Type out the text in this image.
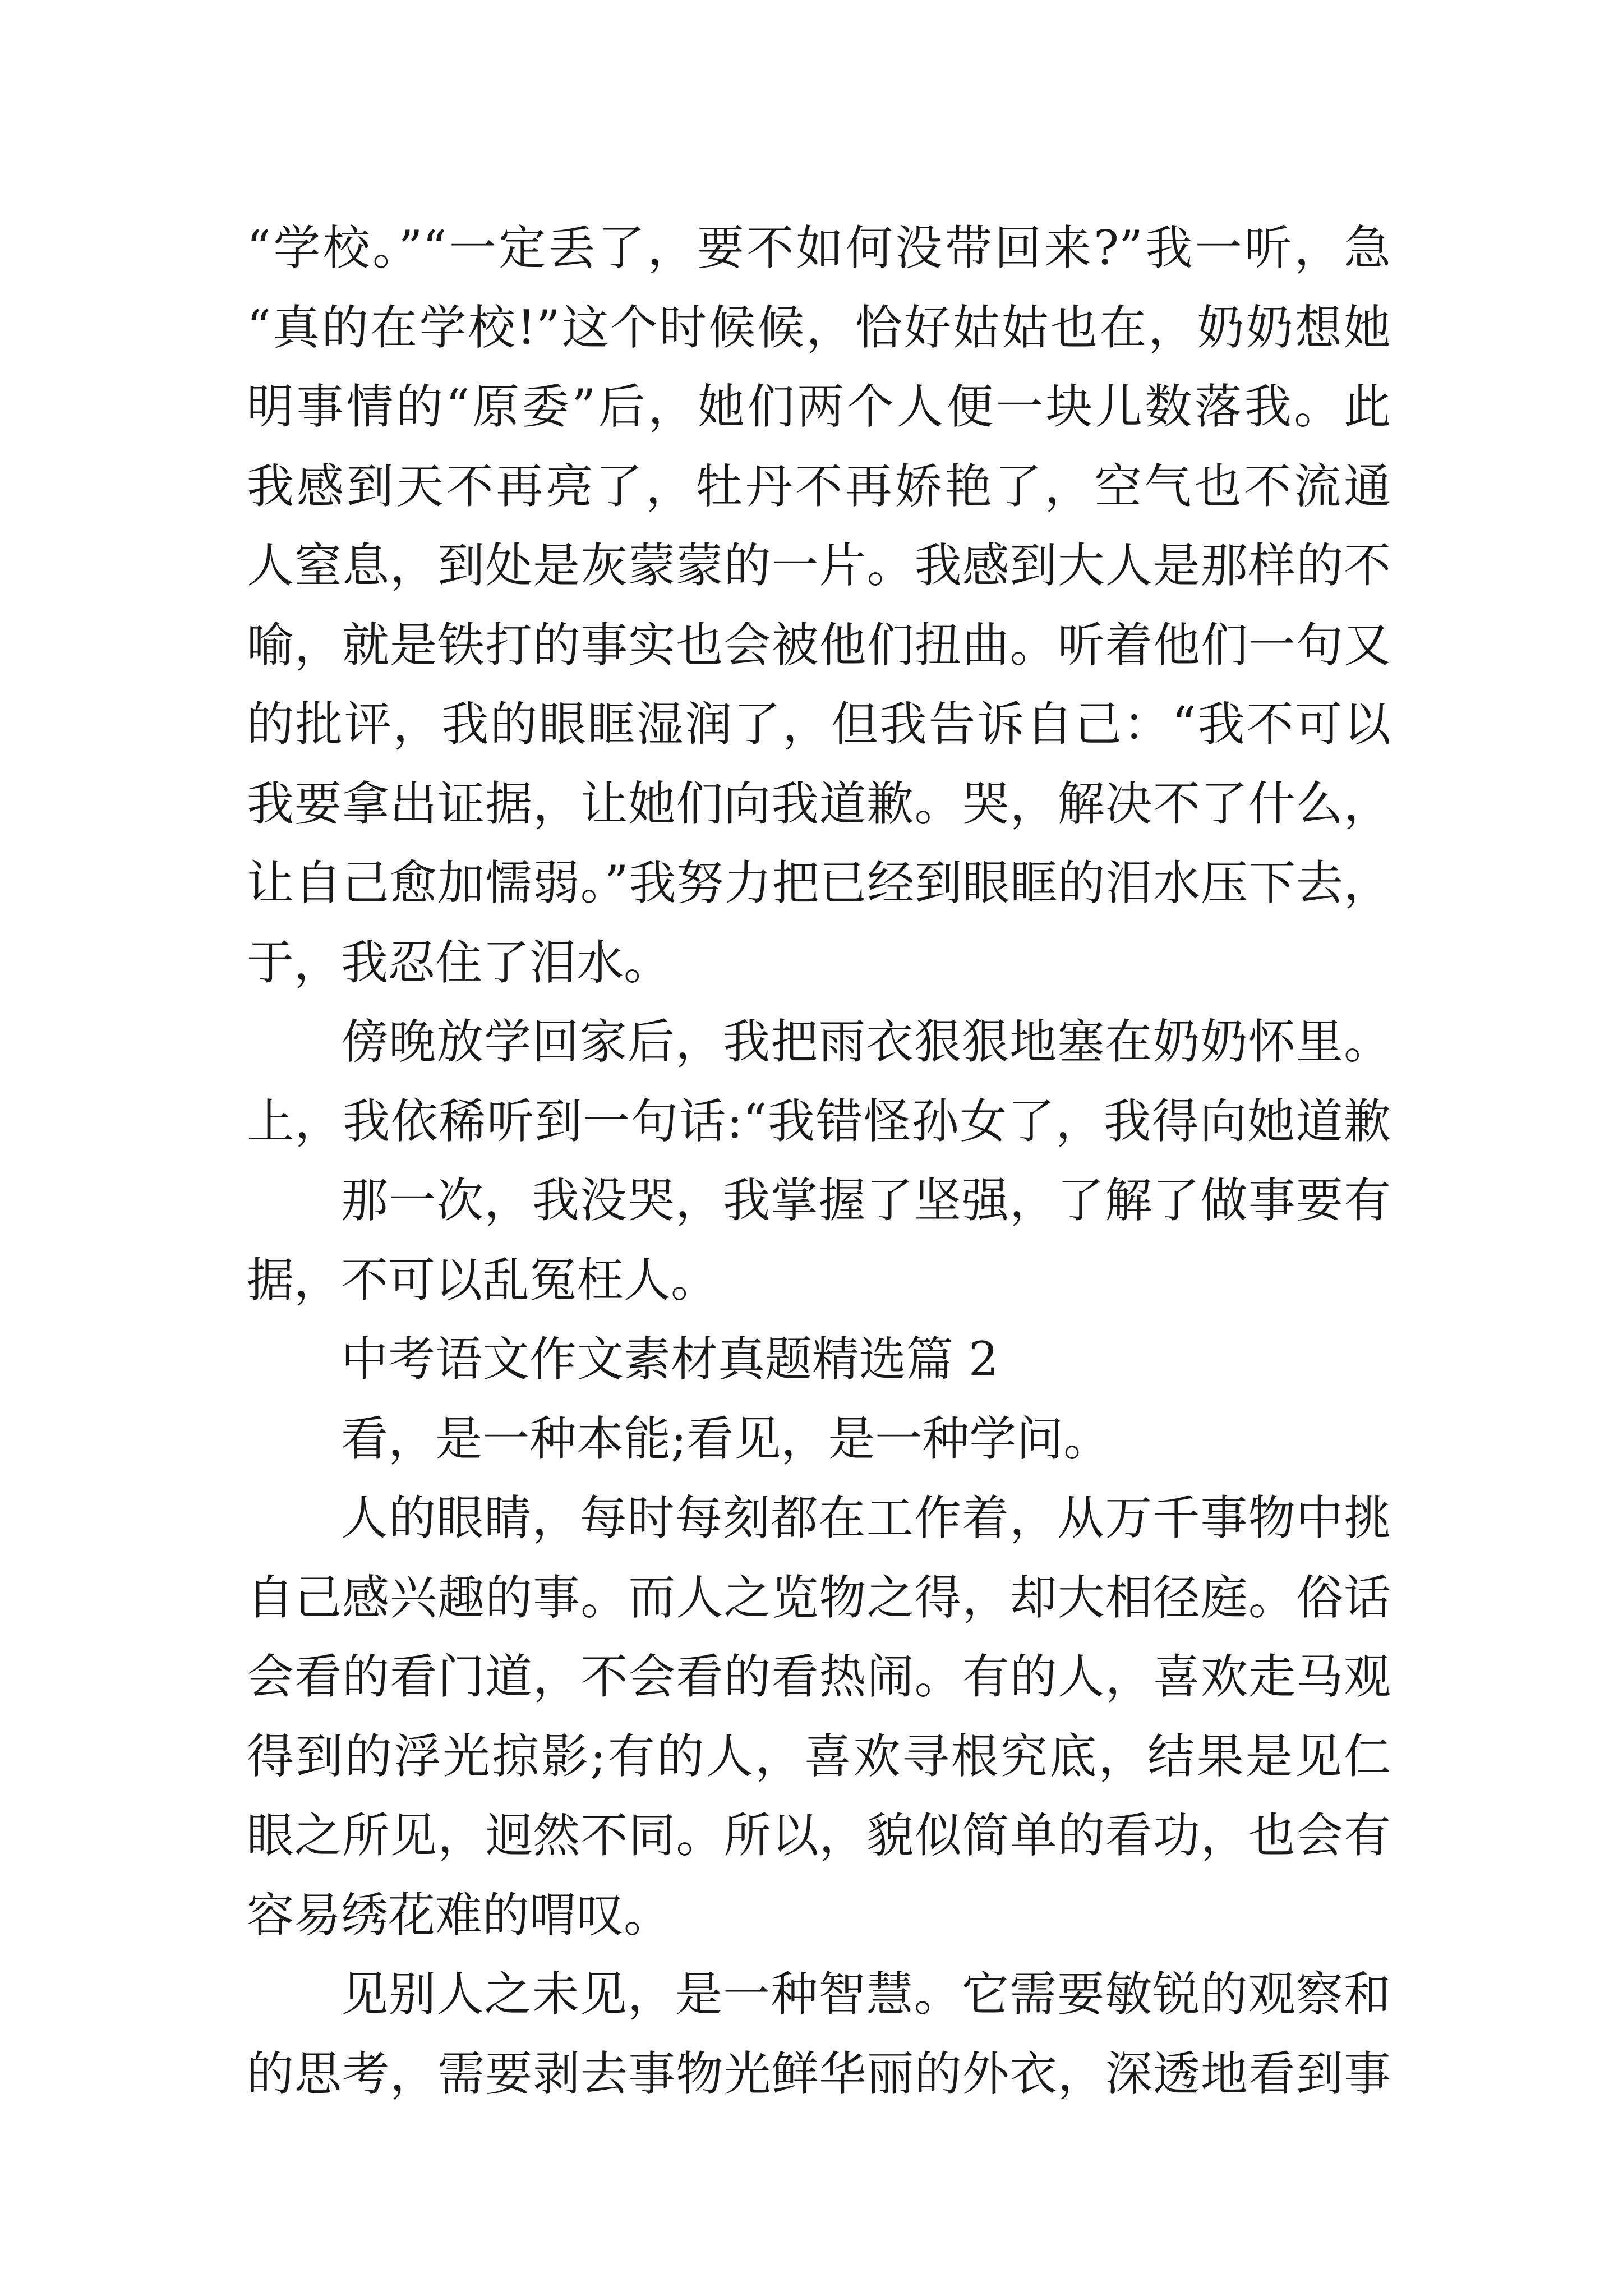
“学校。”“一定丢了，要不如何没带回来?”我一听，急
“真的在学校!”这个时候候，恰好姑姑也在，奶奶想她
明事情的“原委”后，她们两个人便一块儿数落我。此
我感到天不再亮了，牡丹不再娇艳了，空气也不流通
人窒息，到处是灰蒙蒙的一片。我感到大人是那样的不
喻，就是铁打的事实也会被他们扭曲。听着他们一句又
的批评，我的眼眶湿润了，但我告诉自己：“我不可以
我要拿出证据，让她们向我道歉。哭，解决不了什么，
让自己愈加懦弱。”我努力把已经到眼眶的泪水压下去，
于，我忍住了泪水。
傍晚放学回家后，我把雨衣狠狠地塞在奶奶怀里。
上，我依稀听到一句话:“我错怪孙女了，我得向她道歉
那一次，我没哭，我掌握了坚强，了解了做事要有
据，不可以乱冤枉人。
中考语文作文素材真题精选篇 2
看，是一种本能;看见，是一种学问。
人的眼睛，每时每刻都在工作着，从万千事物中挑
自己感兴趣的事。而人之览物之得，却大相径庭。俗话
会看的看门道，不会看的看热闹。有的人，喜欢走马观
得到的浮光掠影;有的人，喜欢寻根究底，结果是见仁
眼之所见，迥然不同。所以，貌似简单的看功，也会有
容易绣花难的喟叹。
见别人之未见，是一种智慧。它需要敏锐的观察和
的思考，需要剥去事物光鲜华丽的外衣，深透地看到事
